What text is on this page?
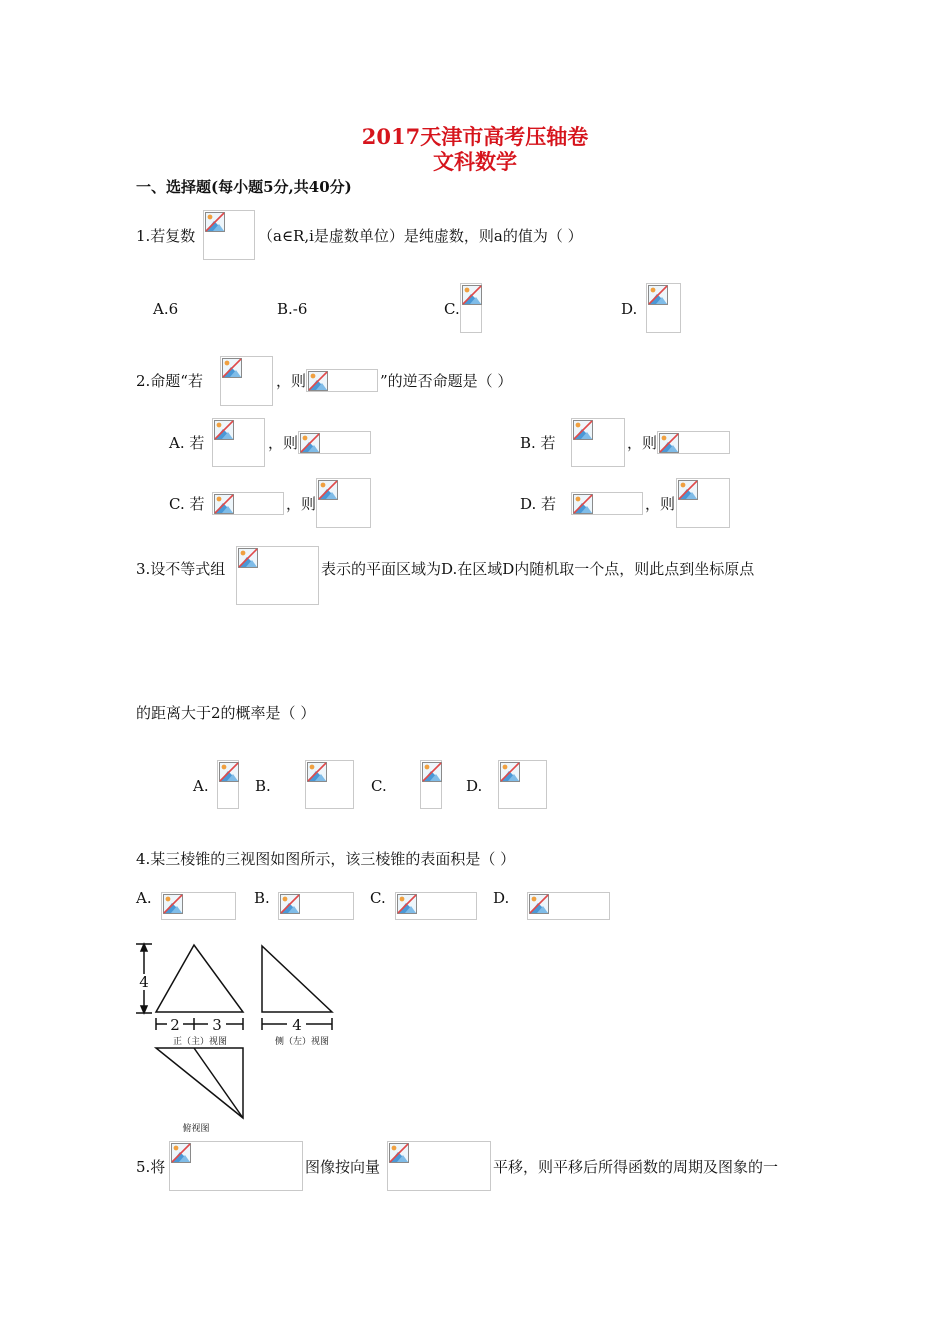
2017天津市高考压轴卷
文科数学
一、选择题(每小题5分,共40分)
1.若复数	（a∈R,i是虚数单位）是纯虚数，则a的值为（ ）
A.6	B.-6	C.	D.
2.命题“若	，则	”的逆否命题是（ ）
A. 若	，则	B. 若	，则
C. 若	，则	D. 若	，则
3.设不等式组	表示的平面区域为D.在区域D内随机取一个点，则此点到坐标原点
的距离大于2的概率是（ ）
A.	B.	C.	D.
4.某三棱锥的三视图如图所示，该三棱锥的表面积是（ ）
A.	B.	C.	D.
4
2 3
正（主）视图
4
侧（左）视图
俯视图
5.将	图像按向量	平移，则平移后所得函数的周期及图象的一
